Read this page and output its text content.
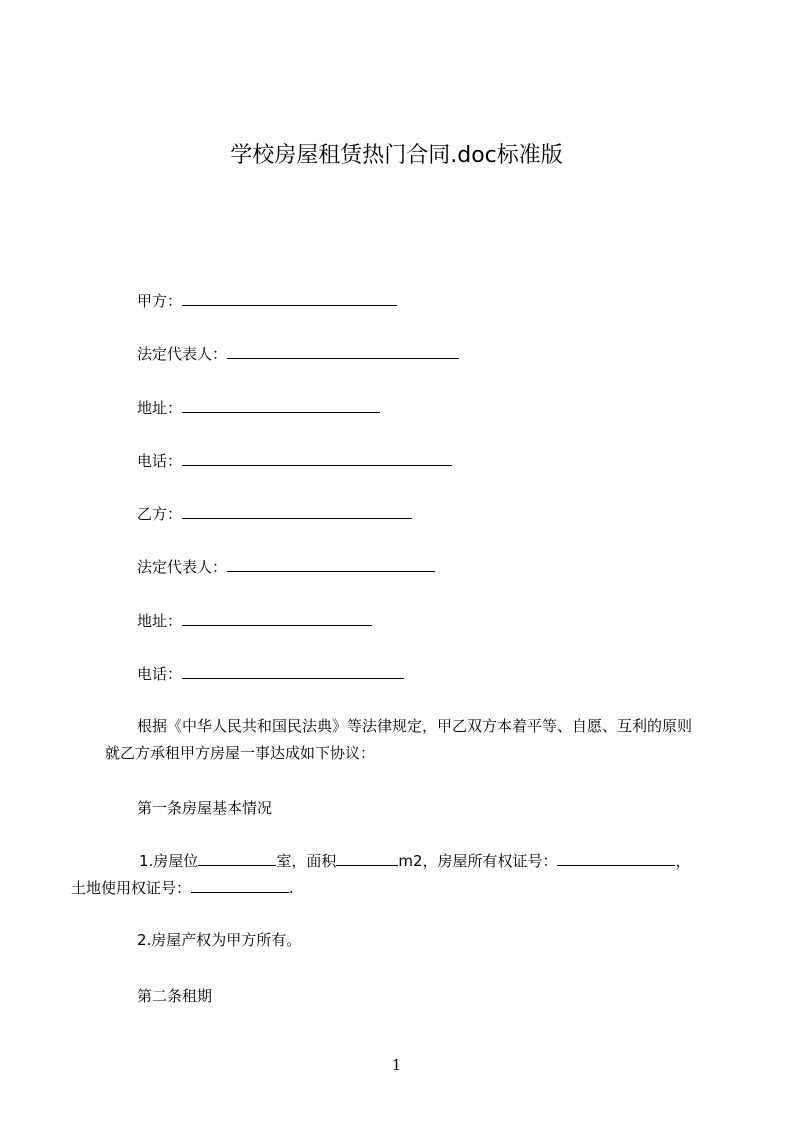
学校房屋租赁热门合同.doc标准版
甲方：
法定代表人：
地址：
电话：
乙方：
法定代表人：
地址：
电话：
根据《中华人民共和国民法典》等法律规定，甲乙双方本着平等、自愿、互利的原则就乙方承租甲方房屋一事达成如下协议：
第一条房屋基本情况
1.房屋位	室，面积	m2，房屋所有权证号：	，
土地使用权证号：	.
2.房屋产权为甲方所有。
第二条租期
1
